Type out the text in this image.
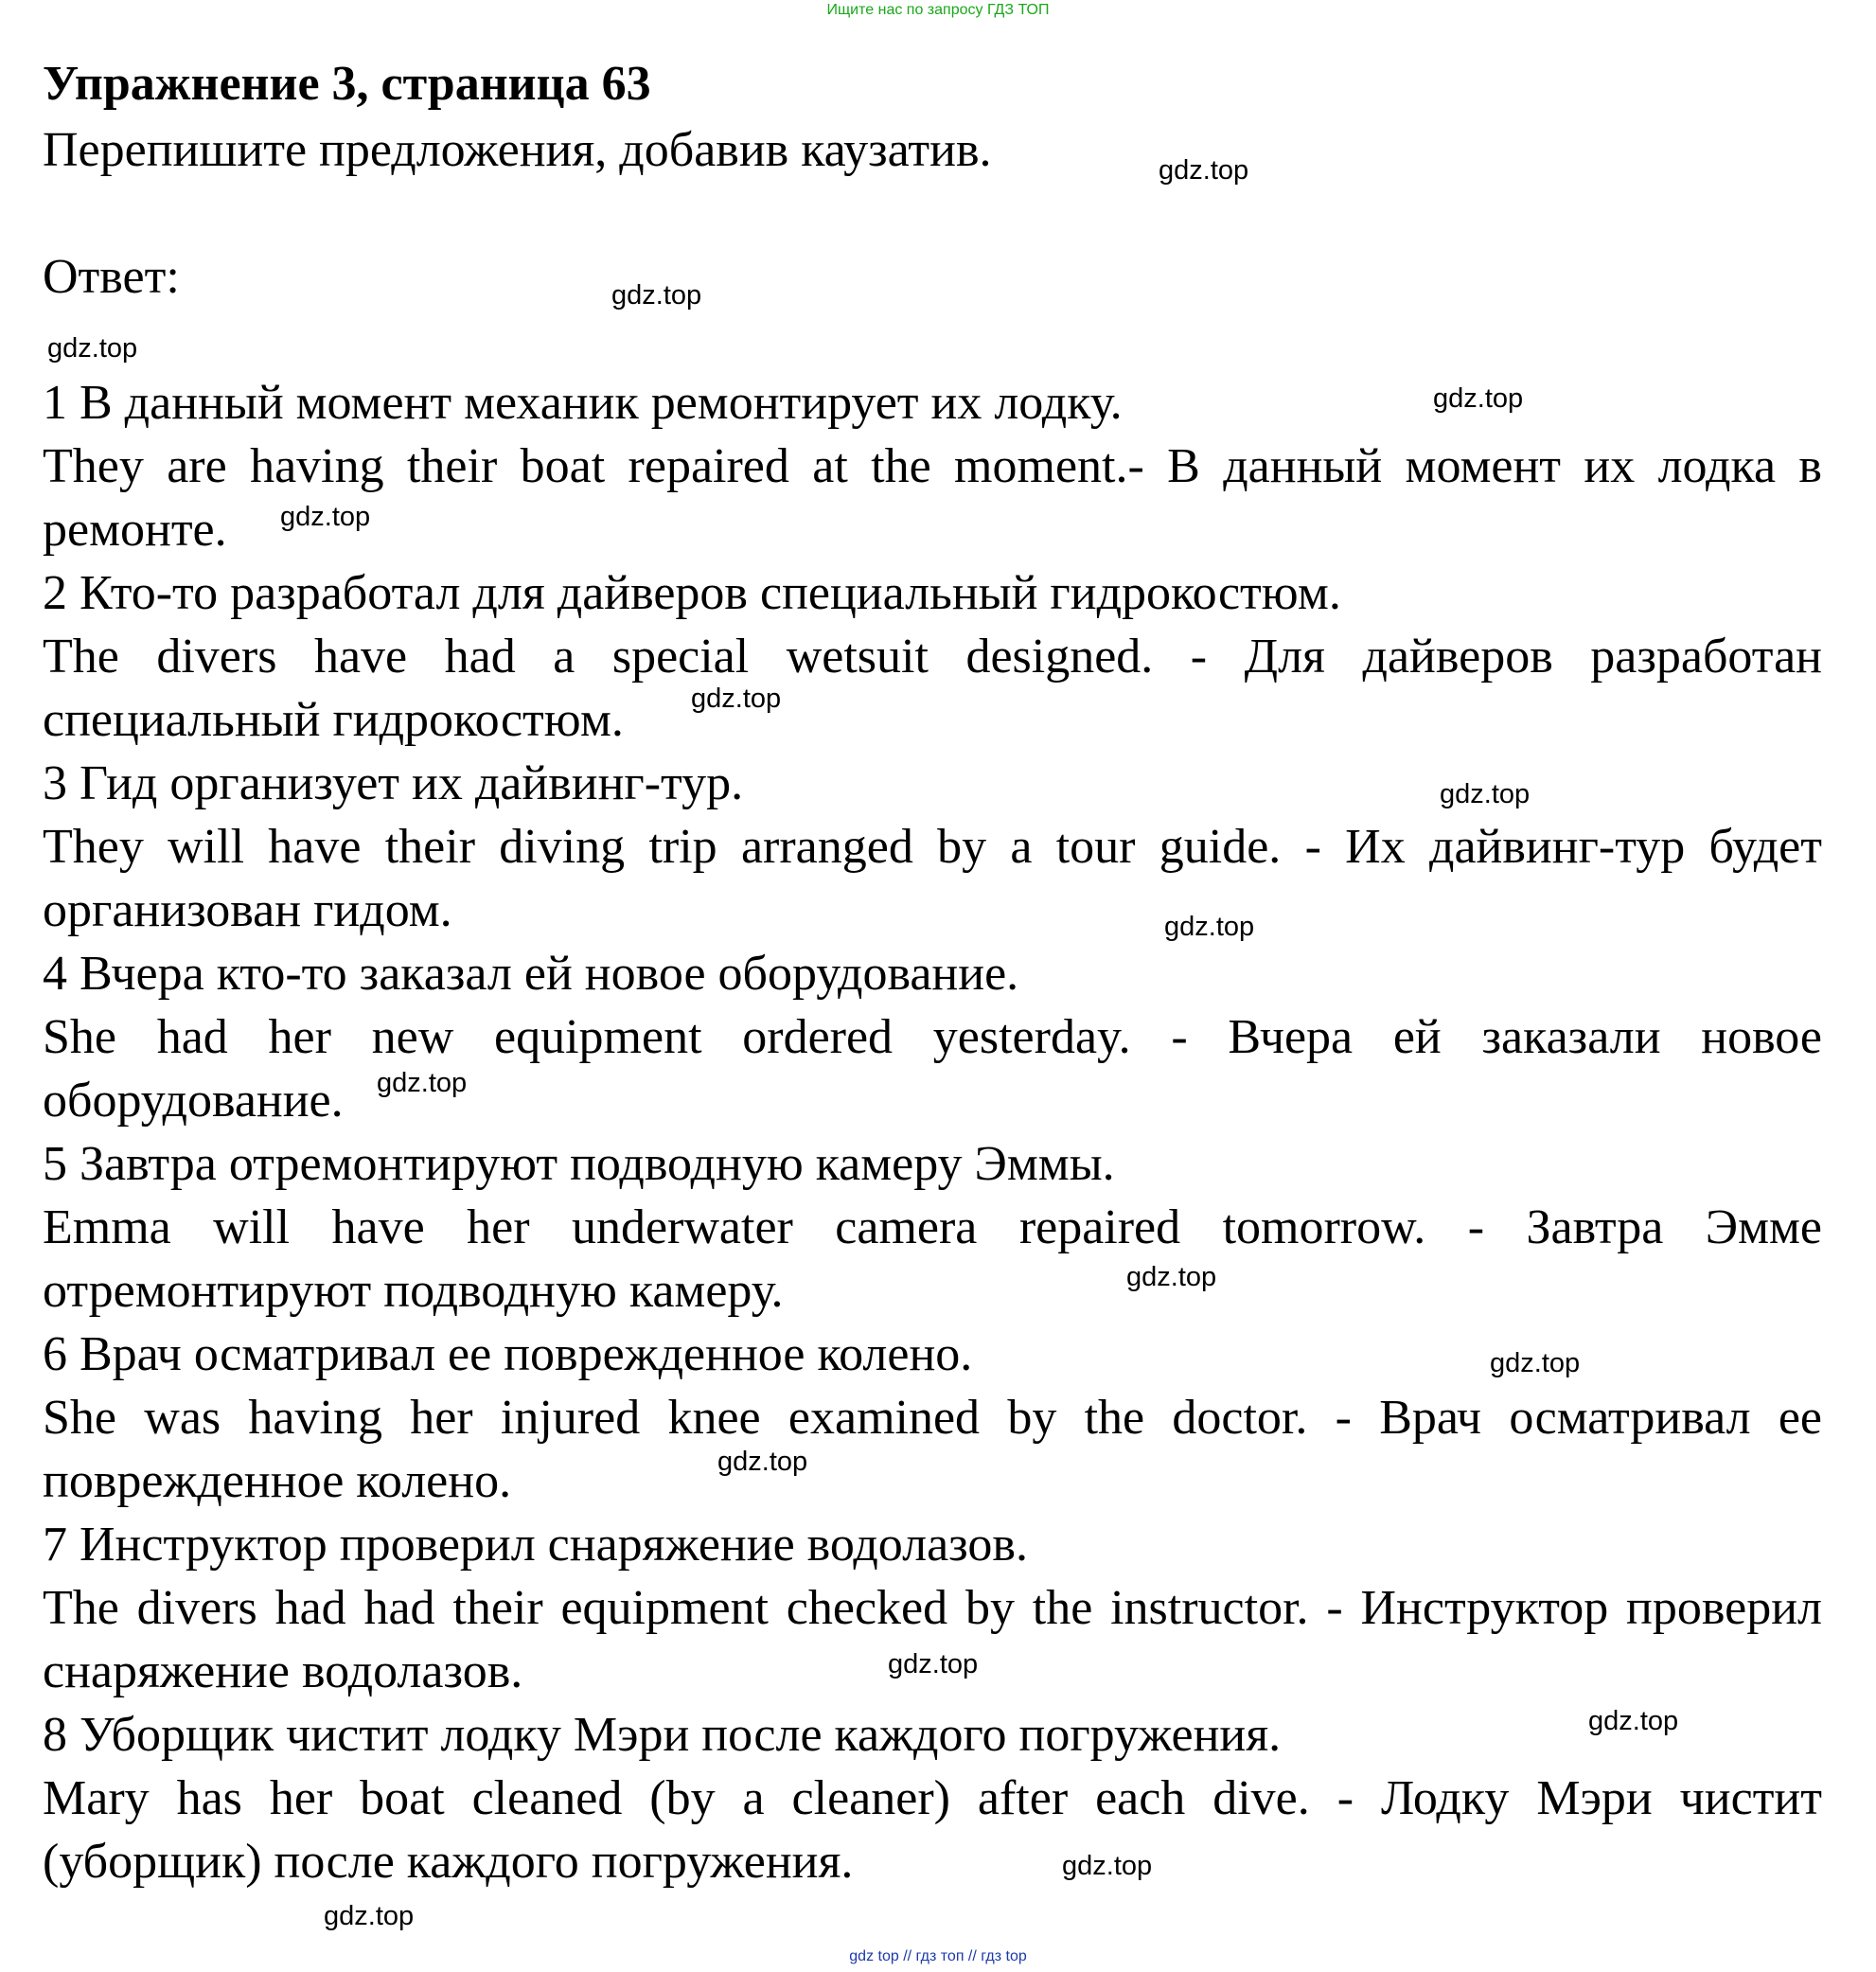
Ищите нас по запросу ГДЗ ТОП
Упражнение 3, страница 63
Перепишите предложения, добавив каузатив.
Ответ:

1 В данный момент механик ремонтирует их лодку.

They are having their boat repaired at the moment.- В данный момент их лодка в ремонте.

2 Кто-то разработал для дайверов специальный гидрокостюм.

The divers have had a special wetsuit designed. - Для дайверов разработан специальный гидрокостюм.

3 Гид организует их дайвинг-тур.

They will have their diving trip arranged by a tour guide. - Их дайвинг-тур будет организован гидом.

4 Вчера кто-то заказал ей новое оборудование.

She had her new equipment ordered yesterday. - Вчера ей заказали новое оборудование.

5 Завтра отремонтируют подводную камеру Эммы.

Emma will have her underwater camera repaired tomorrow. - Завтра Эмме отремонтируют подводную камеру.

6 Врач осматривал ее поврежденное колено.

She was having her injured knee examined by the doctor. - Врач осматривал ее поврежденное колено.

7 Инструктор проверил снаряжение водолазов.

The divers had had their equipment checked by the instructor. - Инструктор проверил снаряжение водолазов.

8 Уборщик чистит лодку Мэри после каждого погружения.

Mary has her boat cleaned (by a cleaner) after each dive. - Лодку Мэри чистит (уборщик) после каждого погружения.

gdz.top
gdz.top
gdz.top
gdz.top
gdz.top
gdz.top
gdz.top
gdz.top
gdz.top
gdz.top
gdz.top
gdz.top
gdz.top
gdz.top
gdz.top
gdz.top
gdz top // гдз топ // гдз top
